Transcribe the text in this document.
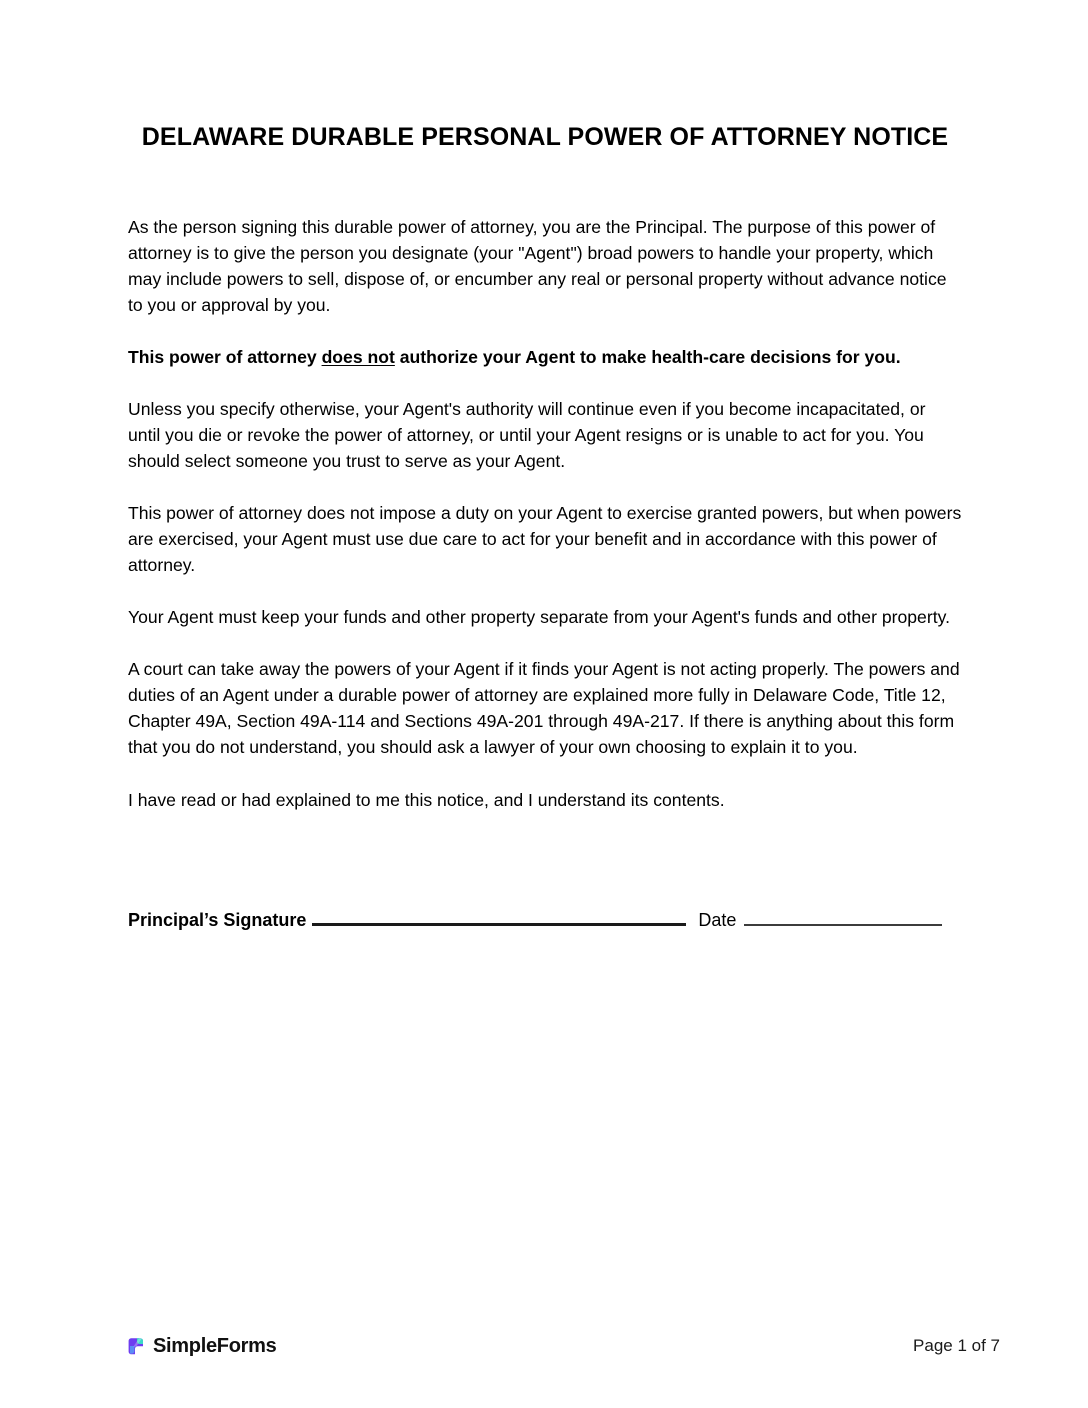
DELAWARE DURABLE PERSONAL POWER OF ATTORNEY NOTICE

As the person signing this durable power of attorney, you are the Principal. The purpose of this power of attorney is to give the person you designate (your "Agent") broad powers to handle your property, which may include powers to sell, dispose of, or encumber any real or personal property without advance notice to you or approval by you.

This power of attorney does not authorize your Agent to make health-care decisions for you.

Unless you specify otherwise, your Agent's authority will continue even if you become incapacitated, or until you die or revoke the power of attorney, or until your Agent resigns or is unable to act for you. You should select someone you trust to serve as your Agent.

This power of attorney does not impose a duty on your Agent to exercise granted powers, but when powers are exercised, your Agent must use due care to act for your benefit and in accordance with this power of attorney.

Your Agent must keep your funds and other property separate from your Agent's funds and other property.

A court can take away the powers of your Agent if it finds your Agent is not acting properly. The powers and duties of an Agent under a durable power of attorney are explained more fully in Delaware Code, Title 12, Chapter 49A, Section 49A-114 and Sections 49A-201 through 49A-217. If there is anything about this form that you do not understand, you should ask a lawyer of your own choosing to explain it to you.

I have read or had explained to me this notice, and I understand its contents.

Principal’s Signature	Date
SimpleForms	Page 1 of 7
